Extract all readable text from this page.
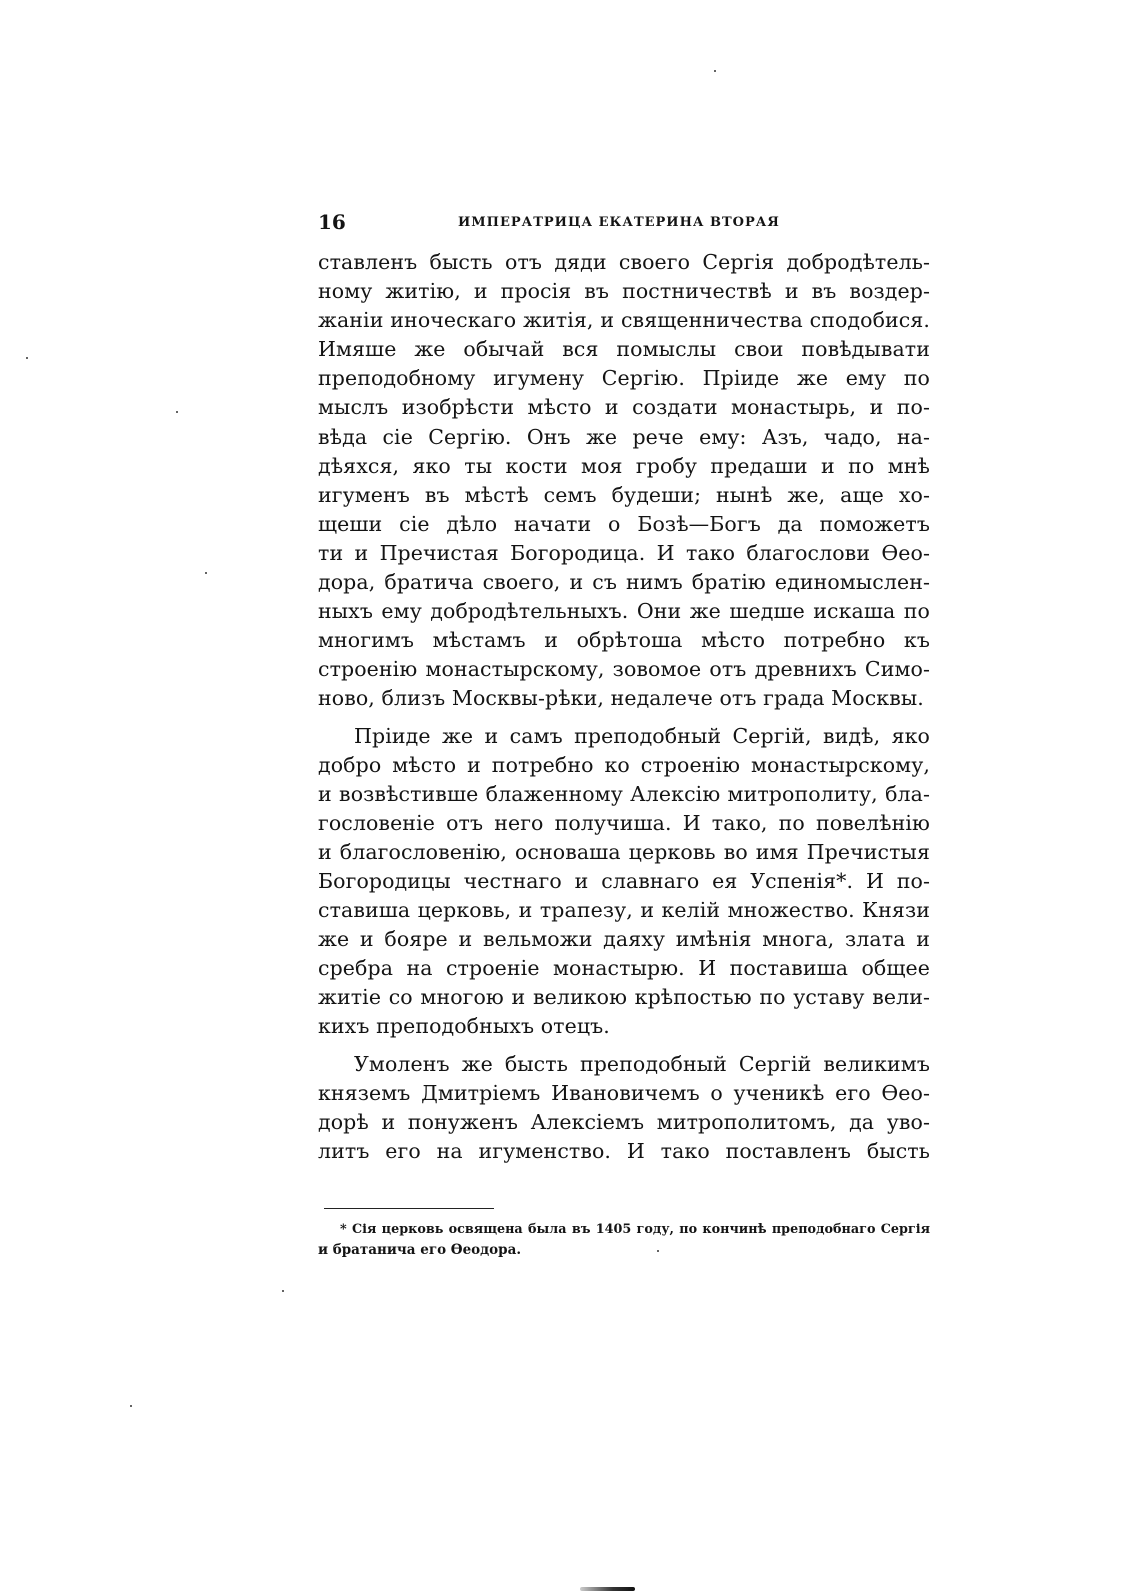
16	ИМПЕРАТРИЦА ЕКАТЕРИНА ВТОРАЯ

ставленъ бысть отъ дяди своего Сергія добродѣтель-
ному житію, и просія въ постничествѣ и въ воздер-
жаніи иноческаго житія, и священничества сподобися.
Имяше же обычай вся помыслы свои повѣдывати
преподобному игумену Сергію. Пріиде же ему по
мыслъ изобрѣсти мѣсто и создати монастырь, и по-
вѣда сіе Сергію. Онъ же рече ему: Азъ, чадо, на-
дѣяхся, яко ты кости моя гробу предаши и по мнѣ
игуменъ въ мѣстѣ семъ будеши; нынѣ же, аще хо-
щеши сіе дѣло начати о Бозѣ—Богъ да поможетъ
ти и Пречистая Богородица. И тако благослови Ѳео-
дора, братича своего, и съ нимъ братію единомыслен-
ныхъ ему добродѣтельныхъ. Они же шедше искаша по
многимъ мѣстамъ и обрѣтоша мѣсто потребно къ
строенію монастырскому, зовомое отъ древнихъ Симо-
ново, близъ Москвы-рѣки, недалече отъ града Москвы.

Пріиде же и самъ преподобный Сергій, видѣ, яко
добро мѣсто и потребно ко строенію монастырскому,
и возвѣстивше блаженному Алексію митрополиту, бла-
гословеніе отъ него получиша. И тако, по повелѣнію
и благословенію, основаша церковь во имя Пречистыя
Богородицы честнаго и славнаго ея Успенія*. И по-
ставиша церковь, и трапезу, и келій множество. Князи
же и бояре и вельможи даяху имѣнія многа, злата и
сребра на строеніе монастырю. И поставиша общее
житіе со многою и великою крѣпостью по уставу вели-
кихъ преподобныхъ отецъ.

Умоленъ же бысть преподобный Сергій великимъ
княземъ Дмитріемъ Ивановичемъ о ученикѣ его Ѳео-
дорѣ и понуженъ Алексіемъ митрополитомъ, да уво-
литъ его на игуменство. И тако поставленъ бысть

* Сія церковь освящена была въ 1405 году, по кончинѣ преподобнаго Сергія
и братанича его Ѳеодора.
